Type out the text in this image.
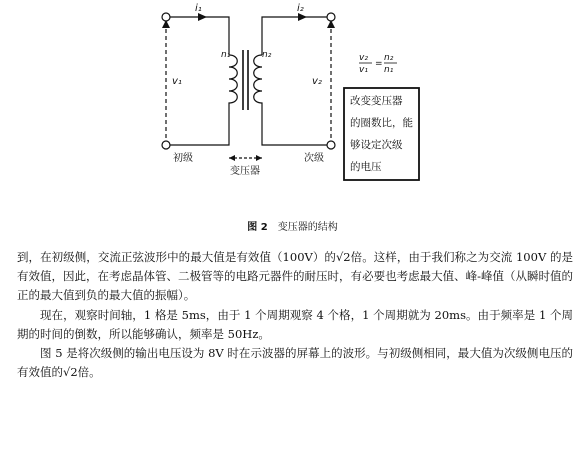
i₁	i₂
v₁	v₂
n₁	n₂
初级
变压器
次级
v₂
v₁
=
n₂
n₁
改变变压器
的圈数比，能
够设定次级
的电压
图 2 变压器的结构

到，在初级侧，交流正弦波形中的最大值是有效值（100V）的√2倍。这样，由于我们称之为交流 100V 的是有效值，因此，在考虑晶体管、二极管等的电路元器件的耐压时，有必要也考虑最大值、峰-峰值（从瞬时值的正的最大值到负的最大值的振幅）。

现在，观察时间轴，1 格是 5ms，由于 1 个周期观察 4 个格，1 个周期就为 20ms。由于频率是 1 个周期的时间的倒数，所以能够确认，频率是 50Hz。

图 5 是将次级侧的输出电压设为 8V 时在示波器的屏幕上的波形。与初级侧相同，最大值为次级侧电压的有效值的√2倍。
